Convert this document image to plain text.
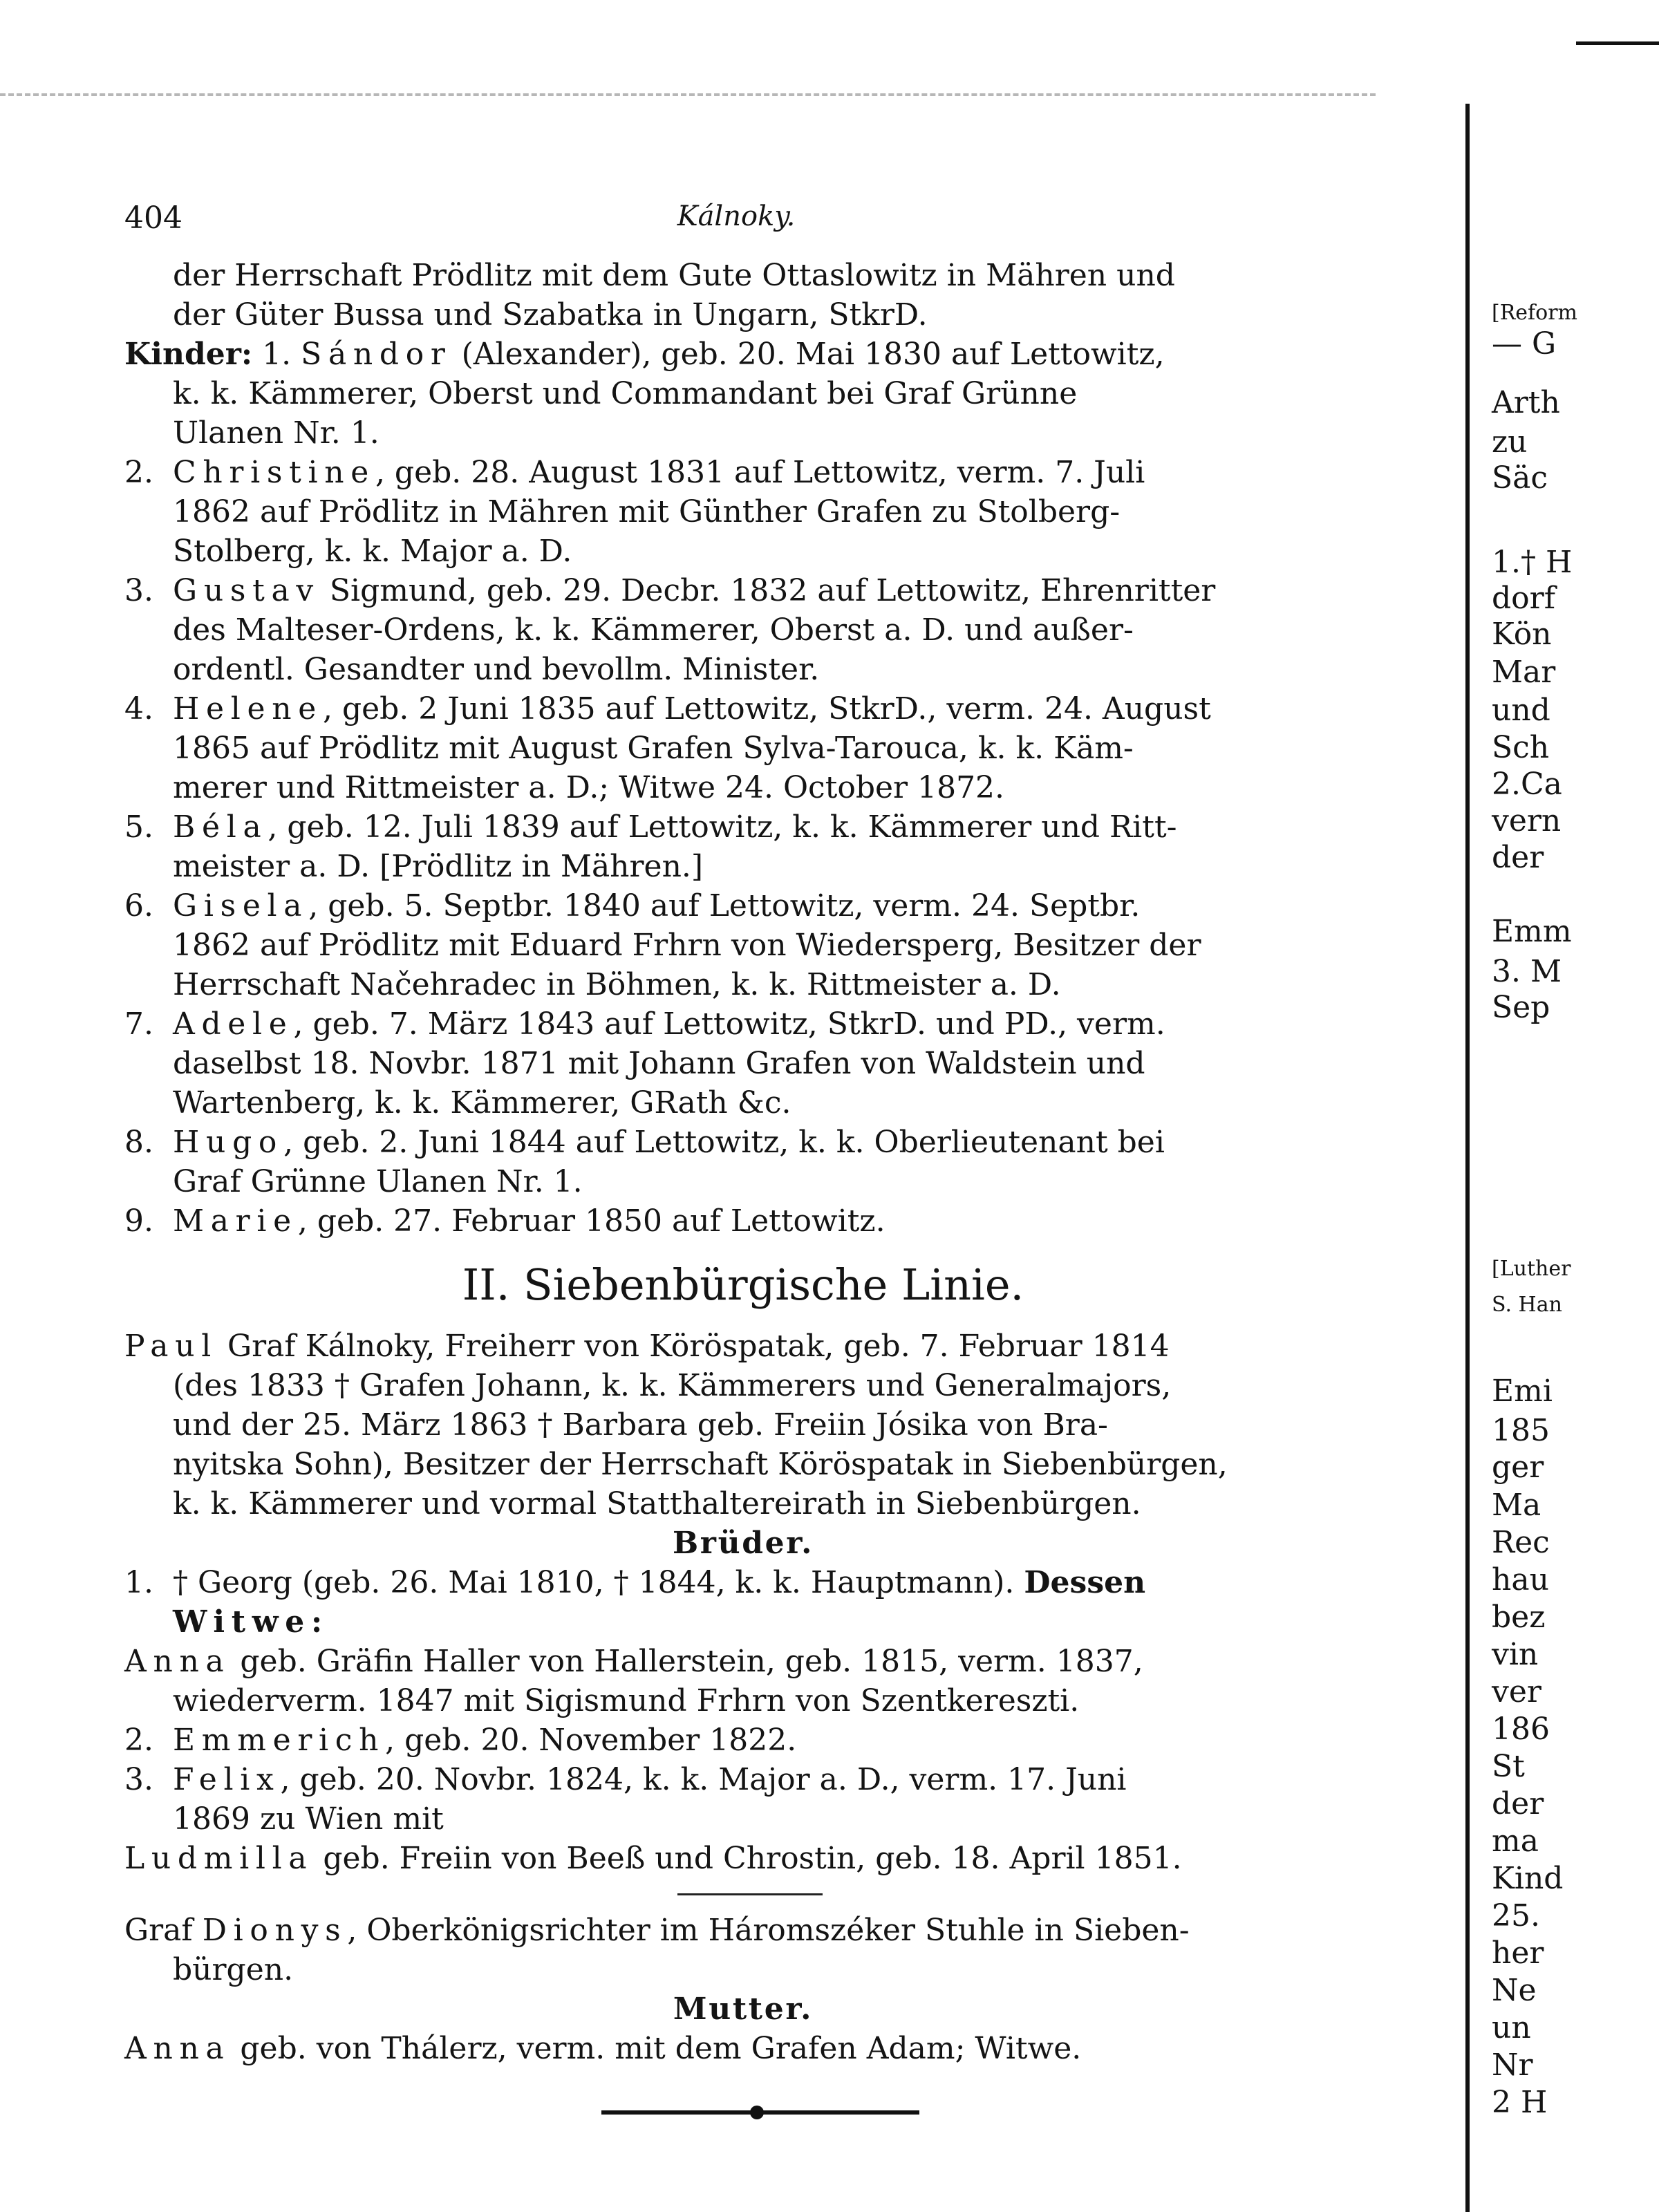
404	Kálnoky.

der Herrschaft Prödlitz mit dem Gute Ottaslowitz in Mähren und

der Güter Bussa und Szabatka in Ungarn, StkrD.

Kinder: 1. Sándor (Alexander), geb. 20. Mai 1830 auf Lettowitz,

k. k. Kämmerer, Oberst und Commandant bei Graf Grünne

Ulanen Nr. 1.

2. Christine, geb. 28. August 1831 auf Lettowitz, verm. 7. Juli

1862 auf Prödlitz in Mähren mit Günther Grafen zu Stolberg-

Stolberg, k. k. Major a. D.

3. Gustav Sigmund, geb. 29. Decbr. 1832 auf Lettowitz, Ehrenritter

des Malteser-Ordens, k. k. Kämmerer, Oberst a. D. und außer-

ordentl. Gesandter und bevollm. Minister.

4. Helene, geb. 2 Juni 1835 auf Lettowitz, StkrD., verm. 24. August

1865 auf Prödlitz mit August Grafen Sylva-Tarouca, k. k. Käm-

merer und Rittmeister a. D.; Witwe 24. October 1872.

5. Béla, geb. 12. Juli 1839 auf Lettowitz, k. k. Kämmerer und Ritt-

meister a. D. [Prödlitz in Mähren.]

6. Gisela, geb. 5. Septbr. 1840 auf Lettowitz, verm. 24. Septbr.

1862 auf Prödlitz mit Eduard Frhrn von Wiedersperg, Besitzer der

Herrschaft Načehradec in Böhmen, k. k. Rittmeister a. D.

7. Adele, geb. 7. März 1843 auf Lettowitz, StkrD. und PD., verm.

daselbst 18. Novbr. 1871 mit Johann Grafen von Waldstein und

Wartenberg, k. k. Kämmerer, GRath &c.

8. Hugo, geb. 2. Juni 1844 auf Lettowitz, k. k. Oberlieutenant bei

Graf Grünne Ulanen Nr. 1.

9. Marie, geb. 27. Februar 1850 auf Lettowitz.

II. Siebenbürgische Linie.

Paul Graf Kálnoky, Freiherr von Köröspatak, geb. 7. Februar 1814

(des 1833 † Grafen Johann, k. k. Kämmerers und Generalmajors,

und der 25. März 1863 † Barbara geb. Freiin Jósika von Bra-

nyitska Sohn), Besitzer der Herrschaft Köröspatak in Siebenbürgen,

k. k. Kämmerer und vormal Statthaltereirath in Siebenbürgen.

Brüder.

1. † Georg (geb. 26. Mai 1810, † 1844, k. k. Hauptmann). Dessen

Witwe:

Anna geb. Gräfin Haller von Hallerstein, geb. 1815, verm. 1837,

wiederverm. 1847 mit Sigismund Frhrn von Szentkereszti.

2. Emmerich, geb. 20. November 1822.

3. Felix, geb. 20. Novbr. 1824, k. k. Major a. D., verm. 17. Juni

1869 zu Wien mit

Ludmilla geb. Freiin von Beeß und Chrostin, geb. 18. April 1851.

Graf Dionys, Oberkönigsrichter im Háromszéker Stuhle in Sieben-

bürgen.

Mutter.

Anna geb. von Thálerz, verm. mit dem Grafen Adam; Witwe.

[Reform
— G
Arth
zu
Säc
1.† H
dorf
Kön
Mar
und
Sch
2.Ca
vern
der
Emm
3. M
Sep
[Luther
S. Han
Emi
185
ger
Ma
Rec
hau
bez
vin
ver
186
St
der
ma
Kind
25.
her
Ne
un
Nr
2 H
